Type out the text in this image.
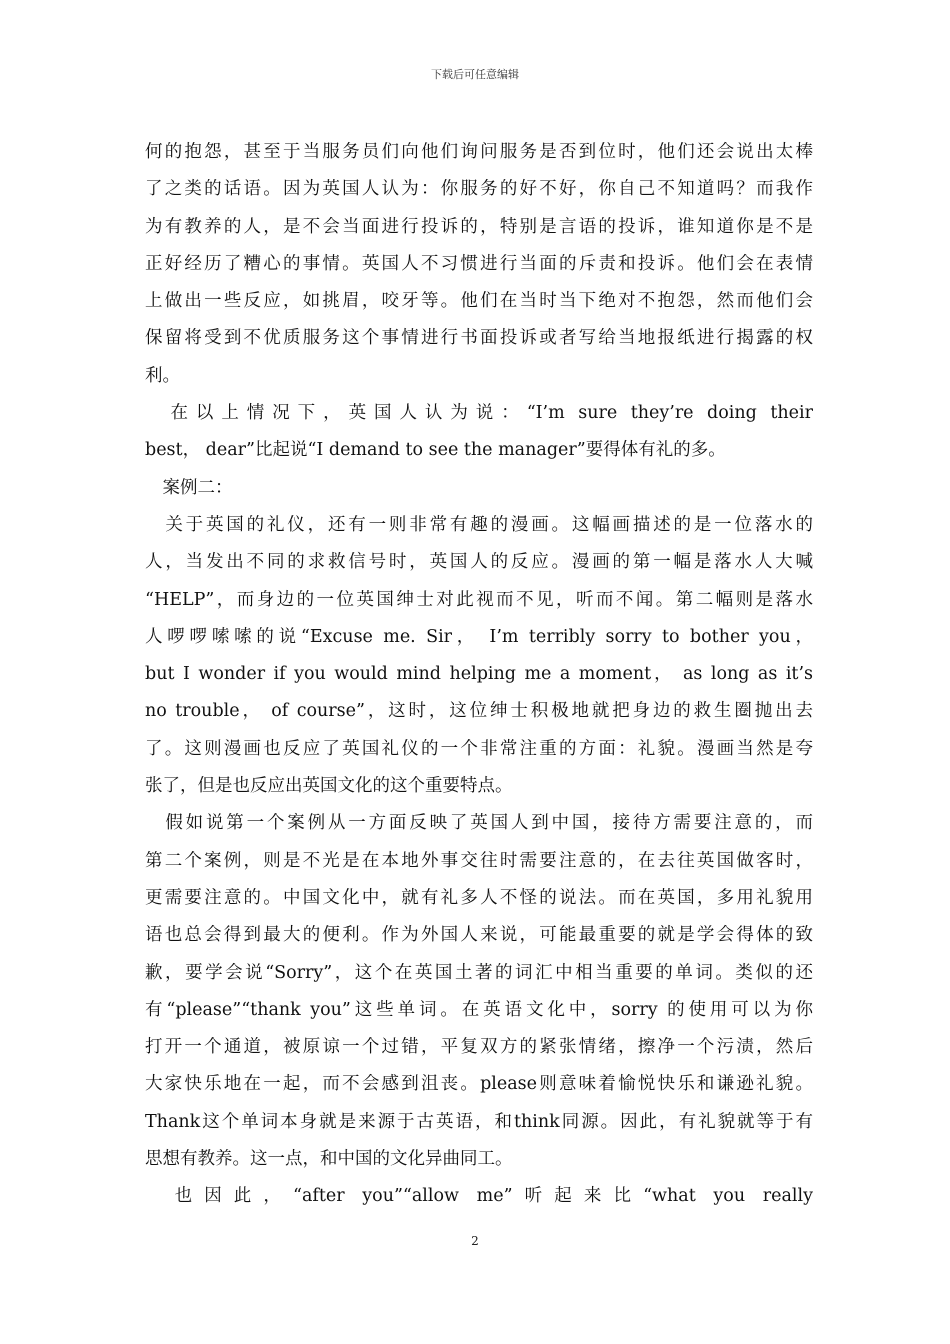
下载后可任意编辑
何的抱怨，甚至于当服务员们向他们询问服务是否到位时，他们还会说出太棒
了之类的话语。因为英国人认为：你服务的好不好，你自己不知道吗？而我作
为有教养的人，是不会当面进行投诉的，特别是言语的投诉，谁知道你是不是
正好经历了糟心的事情。英国人不习惯进行当面的斥责和投诉。他们会在表情
上做出一些反应，如挑眉，咬牙等。他们在当时当下绝对不抱怨，然而他们会
保留将受到不优质服务这个事情进行书面投诉或者写给当地报纸进行揭露的权
利。
　在以上情况下，英国人认为说：“I’m sure they’re doing their
best， dear”比起说“I demand to see the manager”要得体有礼的多。
　案例二：
　关于英国的礼仪，还有一则非常有趣的漫画。这幅画描述的是一位落水的
人，当发出不同的求救信号时，英国人的反应。漫画的第一幅是落水人大喊
“HELP”，而身边的一位英国绅士对此视而不见，听而不闻。第二幅则是落水
人啰啰嗦嗦的说“Excuse me. Sir， I’m terribly sorry to bother you，
but I wonder if you would mind helping me a moment， as long as it’s
no trouble， of course”，这时，这位绅士积极地就把身边的救生圈抛出去
了。这则漫画也反应了英国礼仪的一个非常注重的方面：礼貌。漫画当然是夸
张了，但是也反应出英国文化的这个重要特点。
　假如说第一个案例从一方面反映了英国人到中国，接待方需要注意的，而
第二个案例，则是不光是在本地外事交往时需要注意的，在去往英国做客时，
更需要注意的。中国文化中，就有礼多人不怪的说法。而在英国，多用礼貌用
语也总会得到最大的便利。作为外国人来说，可能最重要的就是学会得体的致
歉，要学会说“Sorry”，这个在英国土著的词汇中相当重要的单词。类似的还
有“please”“thank you”这些单词。在英语文化中，sorry 的使用可以为你
打开一个通道，被原谅一个过错，平复双方的紧张情绪，擦净一个污渍，然后
大家快乐地在一起，而不会感到沮丧。please则意味着愉悦快乐和谦逊礼貌。
Thank这个单词本身就是来源于古英语，和think同源。因此，有礼貌就等于有
思想有教养。这一点，和中国的文化异曲同工。
　也因此，“after you”“allow me”听起来比“what you really
2
